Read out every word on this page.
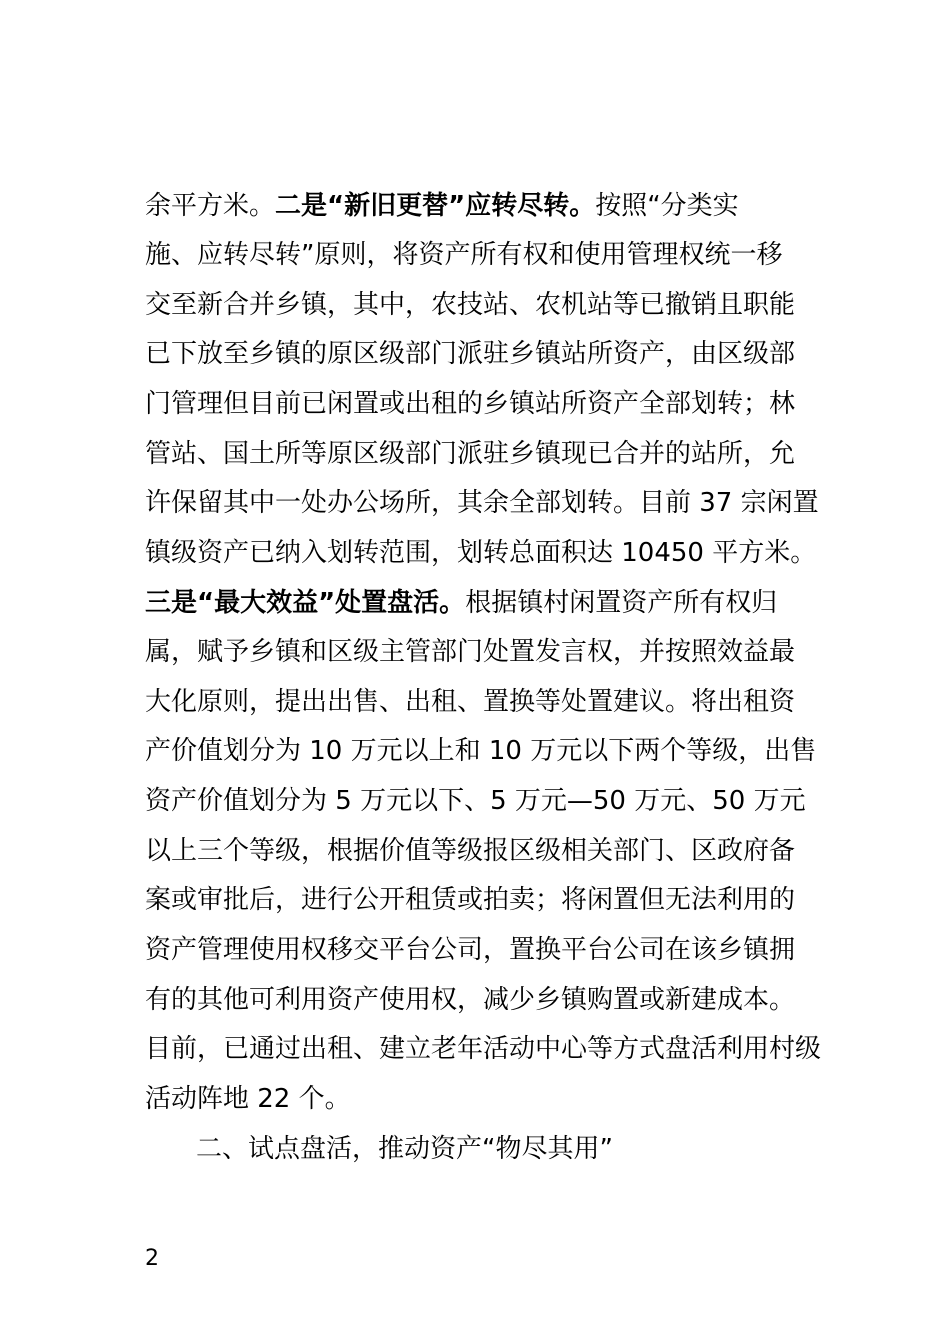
余平方米。二是“新旧更替”应转尽转。按照“分类实
施、应转尽转”原则，将资产所有权和使用管理权统一移
交至新合并乡镇，其中，农技站、农机站等已撤销且职能
已下放至乡镇的原区级部门派驻乡镇站所资产，由区级部
门管理但目前已闲置或出租的乡镇站所资产全部划转；林
管站、国土所等原区级部门派驻乡镇现已合并的站所，允
许保留其中一处办公场所，其余全部划转。目前 37 宗闲置
镇级资产已纳入划转范围，划转总面积达 10450 平方米。
三是“最大效益”处置盘活。根据镇村闲置资产所有权归
属，赋予乡镇和区级主管部门处置发言权，并按照效益最
大化原则，提出出售、出租、置换等处置建议。将出租资
产价值划分为 10 万元以上和 10 万元以下两个等级，出售
资产价值划分为 5 万元以下、5 万元—50 万元、50 万元
以上三个等级，根据价值等级报区级相关部门、区政府备
案或审批后，进行公开租赁或拍卖；将闲置但无法利用的
资产管理使用权移交平台公司，置换平台公司在该乡镇拥
有的其他可利用资产使用权，减少乡镇购置或新建成本。
目前，已通过出租、建立老年活动中心等方式盘活利用村级
活动阵地 22 个。
二、试点盘活，推动资产“物尽其用”
2
